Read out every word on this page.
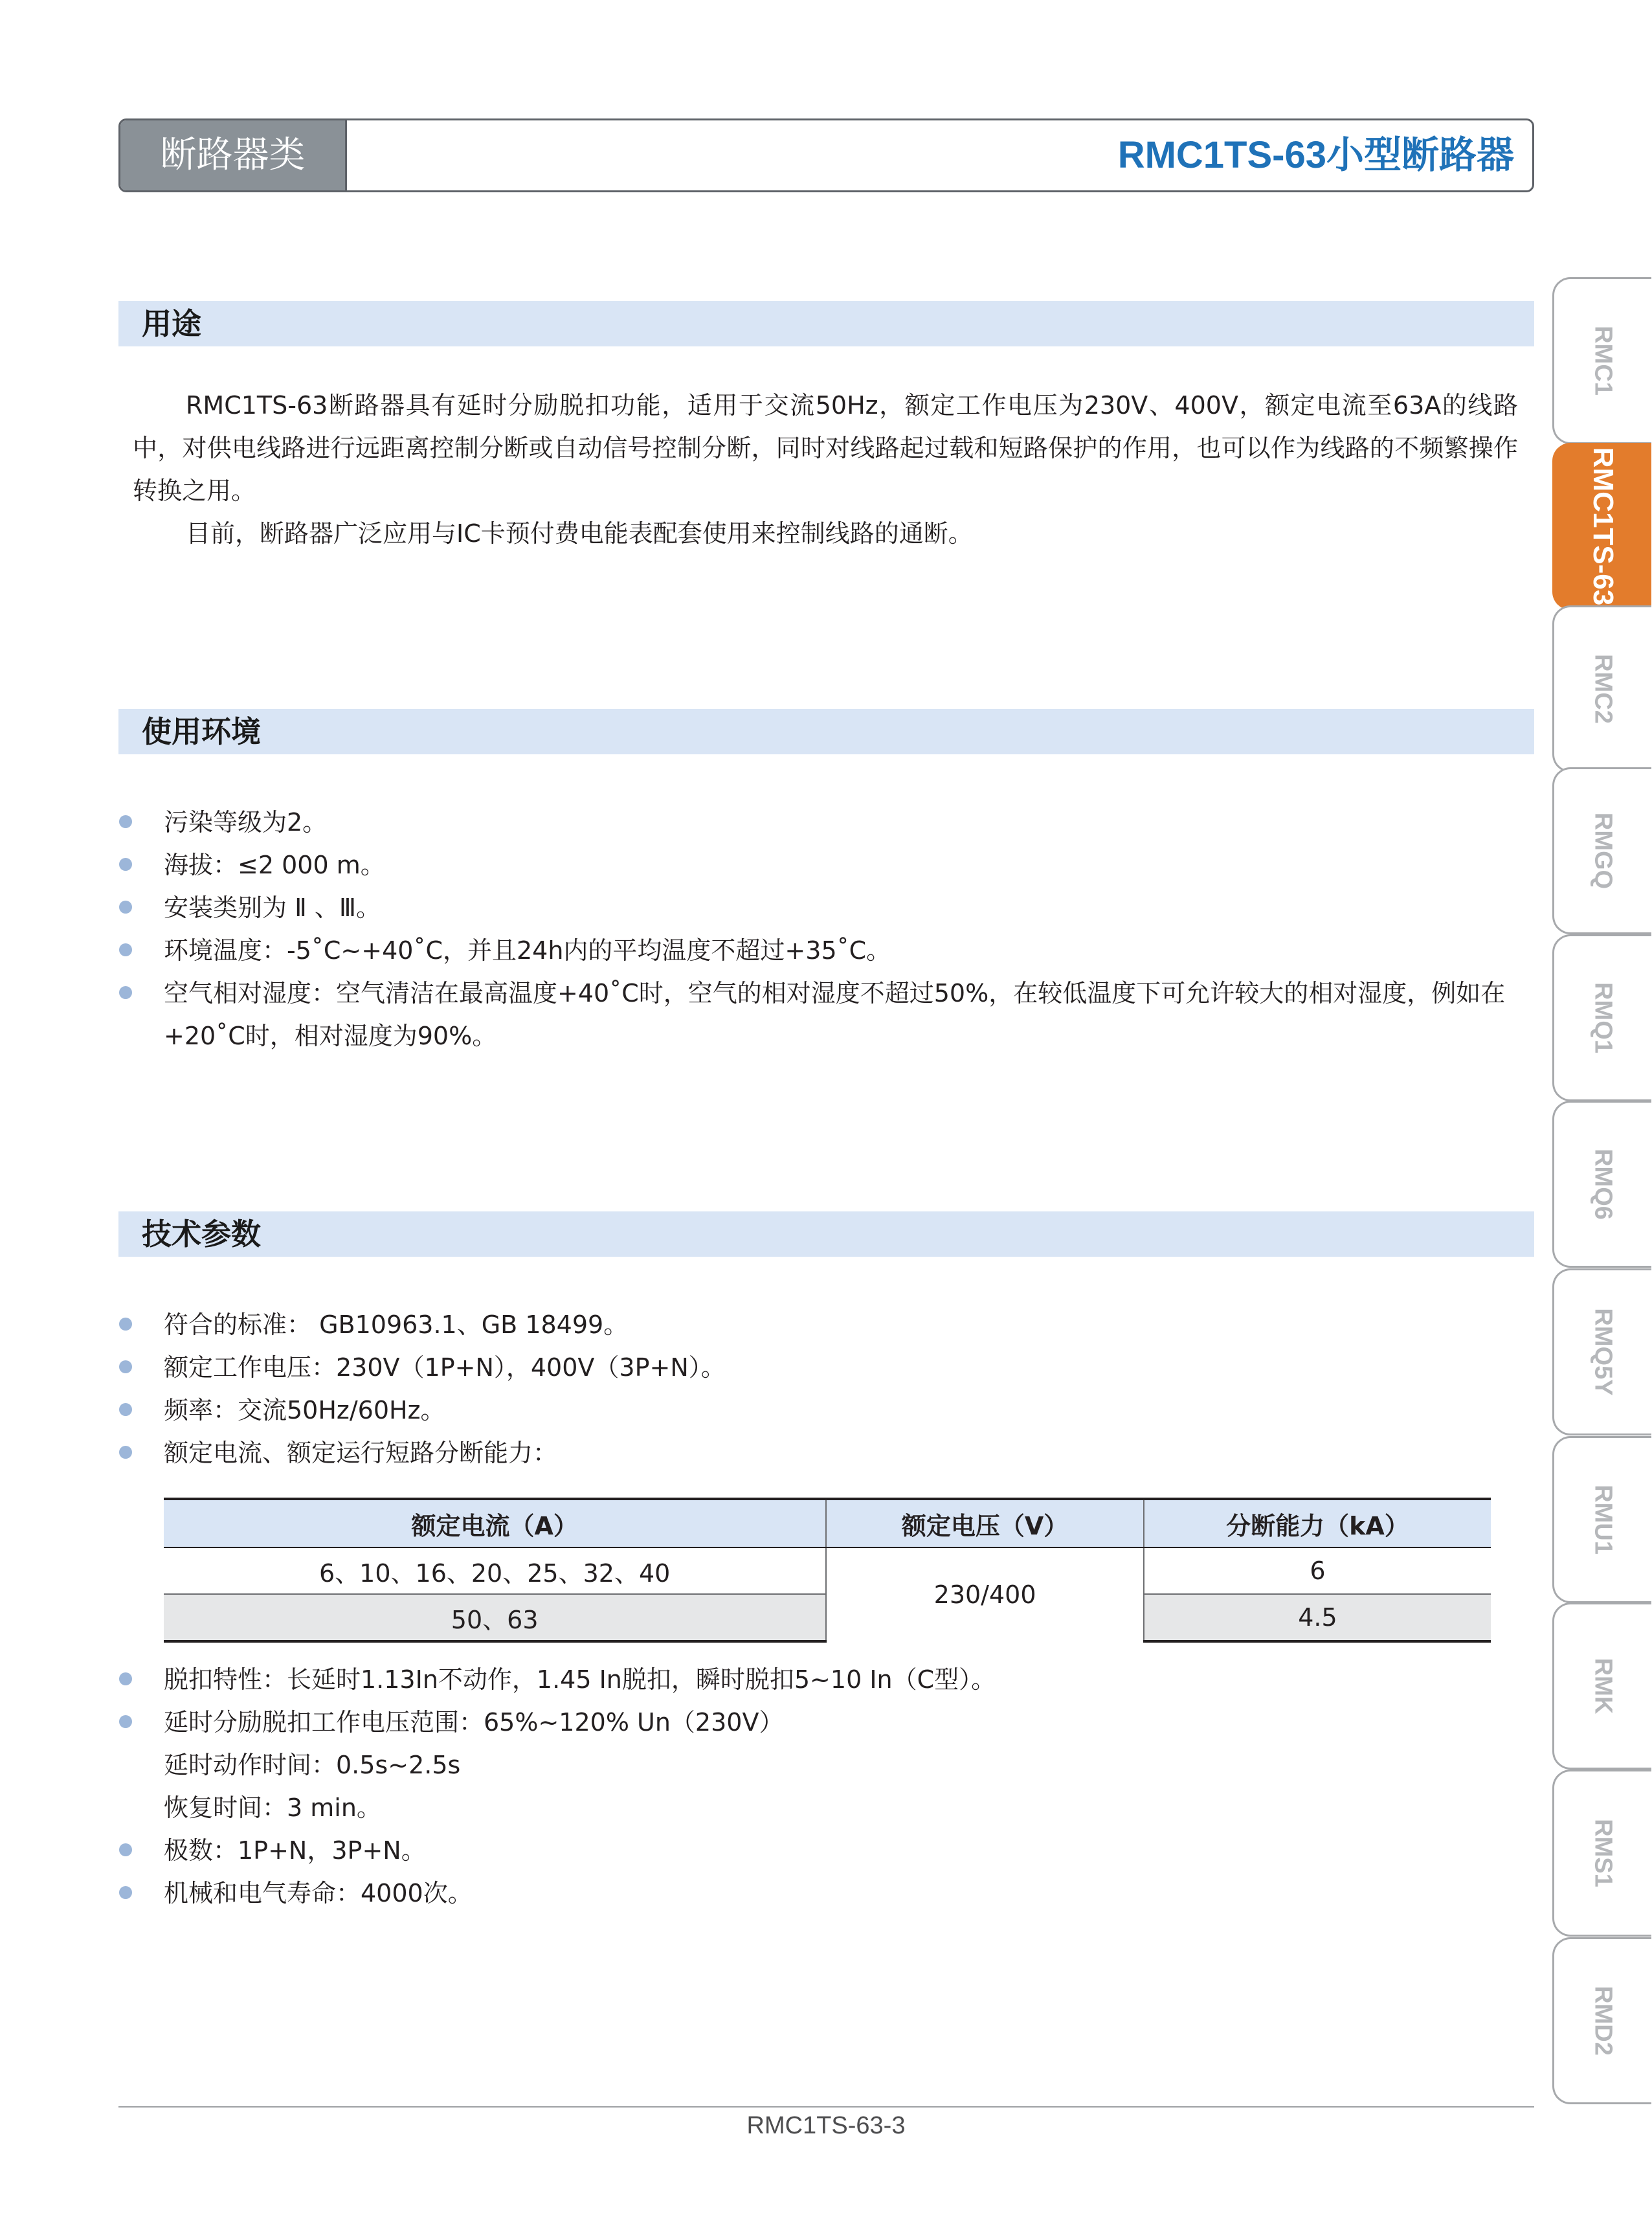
断路器类	RMC1TS-63小型断路器
用途

RMC1TS-63断路器具有延时分励脱扣功能，适用于交流50Hz，额定工作电压为230V、400V，额定电流至63A的线路中，对供电线路进行远距离控制分断或自动信号控制分断，同时对线路起过载和短路保护的作用，也可以作为线路的不频繁操作转换之用。

目前，断路器广泛应用与IC卡预付费电能表配套使用来控制线路的通断。

使用环境
污染等级为2。
海拔：≤2 000 m。
安装类别为 Ⅱ 、Ⅲ。
环境温度：-5˚C~+40˚C，并且24h内的平均温度不超过+35˚C。
空气相对湿度：空气清洁在最高温度+40˚C时，空气的相对湿度不超过50%，在较低温度下可允许较大的相对湿度，例如在+20˚C时，相对湿度为90%。
技术参数
符合的标准： GB10963.1、GB 18499。
额定工作电压：230V（1P+N），400V（3P+N）。
频率：交流50Hz/60Hz。
额定电流、额定运行短路分断能力：
额定电流（A）	额定电压（V）	分断能力（kA）
6、10、16、20、25、32、40	230/400	6
50、63		4.5
脱扣特性：长延时1.13In不动作，1.45 In脱扣，瞬时脱扣5~10 In（C型）。
延时分励脱扣工作电压范围：65%~120% Un（230V）
延时动作时间：0.5s~2.5s
恢复时间：3 min。
极数：1P+N，3P+N。
机械和电气寿命：4000次。
RMC1TS-63-3
RMC1
RMC1TS-63
RMC2
RMGQ
RMQ1
RMQ6
RMQ5Y
RMU1
RMK
RMS1
RMD2
